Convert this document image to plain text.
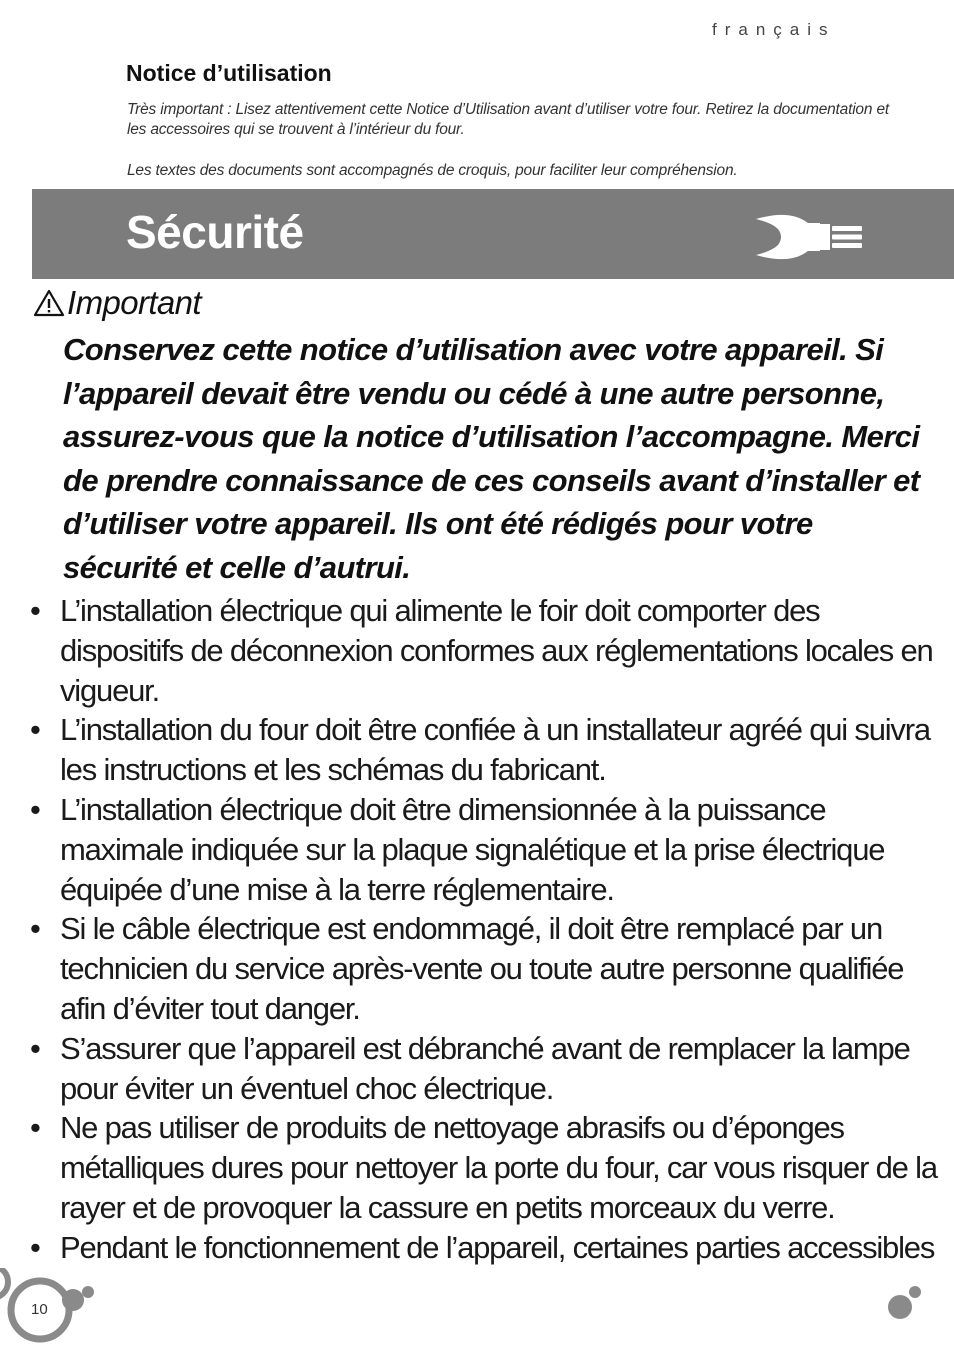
français
Notice d’utilisation
Très important : Lisez attentivement cette Notice d’Utilisation avant d’utiliser votre four. Retirez la documentation et les accessoires qui se trouvent à l’intérieur du four.
Les textes des documents sont accompagnés de croquis, pour faciliter leur compréhension.
Sécurité
Important
Conservez cette notice d’utilisation avec votre appareil. Si l’appareil devait être vendu ou cédé à une autre personne, assurez-vous que la notice d’utilisation l’accompagne. Merci de prendre connaissance de ces conseils avant d’installer et d’utiliser votre appareil. Ils ont été rédigés pour votre sécurité et celle d’autrui.
• L’installation électrique qui alimente le foir doit comporter des dispositifs de déconnexion conformes aux réglementations locales en vigueur.
• L’installation du four doit être confiée à un installateur agréé qui suivra les instructions et les schémas du fabricant.
• L’installation électrique doit être dimensionnée à la puissance maximale indiquée sur la plaque signalétique et la prise électrique équipée d’une mise à la terre réglementaire.
• Si le câble électrique est endommagé, il doit être remplacé par un technicien du service après-vente ou toute autre personne qualifiée afin d’éviter tout danger.
• S’assurer que l’appareil est débranché avant de remplacer la lampe pour éviter un éventuel choc électrique.
• Ne pas utiliser de produits de nettoyage abrasifs ou d’éponges métalliques dures pour nettoyer la porte du four, car vous risquer de la rayer et de provoquer la cassure en petits morceaux du verre.
• Pendant le fonctionnement de l’appareil, certaines parties accessibles
10
